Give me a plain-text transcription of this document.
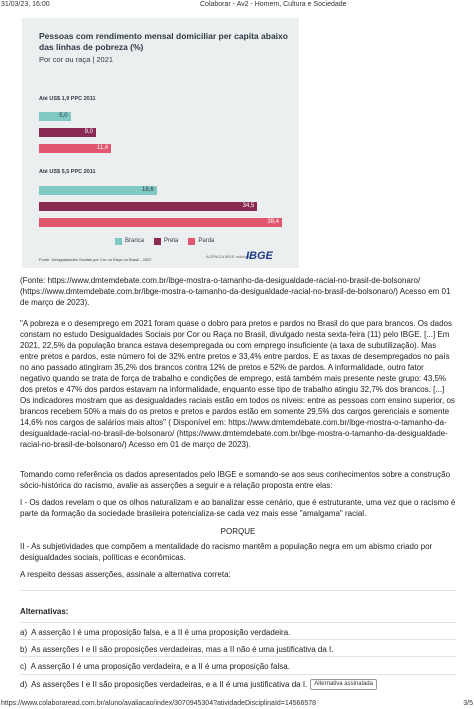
31/03/23, 16:00	Colaborar - Av2 - Homem, Cultura e Sociedade
Pessoas com rendimento mensal domiciliar per capita abaixo das linhas de pobreza (%)
Por cor ou raça | 2021
Até US$ 1,9 PPC 2011
5,0
9,0
11,4
Até US$ 5,5 PPC 2011
18,6
34,5
38,4
Branca	Preta	Parda
Fonte: Desigualdades Sociais por Cor ou Raça no Brasil - 2022
AGÊNCIA IBGE notícias
IBGE
(Fonte: https://www.dmtemdebate.com.br/ibge-mostra-o-tamanho-da-desigualdade-racial-no-brasil-de-bolsonaro/ (https://www.dmtemdebate.com.br/ibge-mostra-o-tamanho-da-desigualdade-racial-no-brasil-de-bolsonaro/) Acesso em 01 de março de 2023).
"A pobreza e o desemprego em 2021 foram quase o dobro para pretos e pardos no Brasil do que para brancos. Os dados constam no estudo Desigualdades Sociais por Cor ou Raça no Brasil, divulgado nesta sexta-feira (11) pelo IBGE. [...] Em 2021, 22,5% da população branca estava desempregada ou com emprego insuficiente (a taxa de subutilização). Mas entre pretos e pardos, este número foi de 32% entre pretos e 33,4% entre pardos. E as taxas de desempregados no país no ano passado atingiram 35,2% dos brancos contra 12% de pretos e 52% de pardos. A informalidade, outro fator negativo quando se trata de força de trabalho e condições de emprego, está também mais presente neste grupo: 43,5% dos pretos e 47% dos pardos estavam na informalidade, enquanto esse tipo de trabalho atingiu 32,7% dos brancos. [...] Os indicadores mostram que as desigualdades raciais estão em todos os níveis: entre as pessoas com ensino superior, os brancos recebem 50% a mais do os pretos e pretos e pardos estão em somente 29,5% dos cargos gerenciais e somente 14,6% nos cargos de salários mais altos" ( Disponível em: https://www.dmtemdebate.com.br/ibge-mostra-o-tamanho-da-desigualdade-racial-no-brasil-de-bolsonaro/ (https://www.dmtemdebate.com.br/ibge-mostra-o-tamanho-da-desigualdade-racial-no-brasil-de-bolsonaro/) Acesso em 01 de março de 2023).
Tomando como referência os dados apresentados pelo IBGE e somando-se aos seus conhecimentos sobre a construção sócio-histórica do racismo, avalie as asserções a seguir e a relação proposta entre elas:
I - Os dados revelam o que os olhos naturalizam e ao banalizar esse cenário, que é estruturante, uma vez que o racismo é parte da formação da sociedade brasileira potencializa-se cada vez mais esse "amalgama" racial.
PORQUE
II - As subjetividades que compõem a mentalidade do racismo mantêm a população negra em um abismo criado por desigualdades sociais, políticas e econômicas.
A respeito dessas asserções, assinale a alternativa correta:
Alternativas:
a) A asserção I é uma proposição falsa, e a II é uma proposição verdadeira.
b) As asserções I e II são proposições verdadeiras, mas a II não é uma justificativa da I.
c) A asserção I é uma proposição verdadeira, e a II é uma proposição falsa.
d) As asserções I e II são proposições verdadeiras, e a II é uma justificativa da I. Alternativa assinalada
https://www.colaboraread.com.br/aluno/avaliacao/index/3070945304?atividadeDisciplinaId=14566578	3/5
